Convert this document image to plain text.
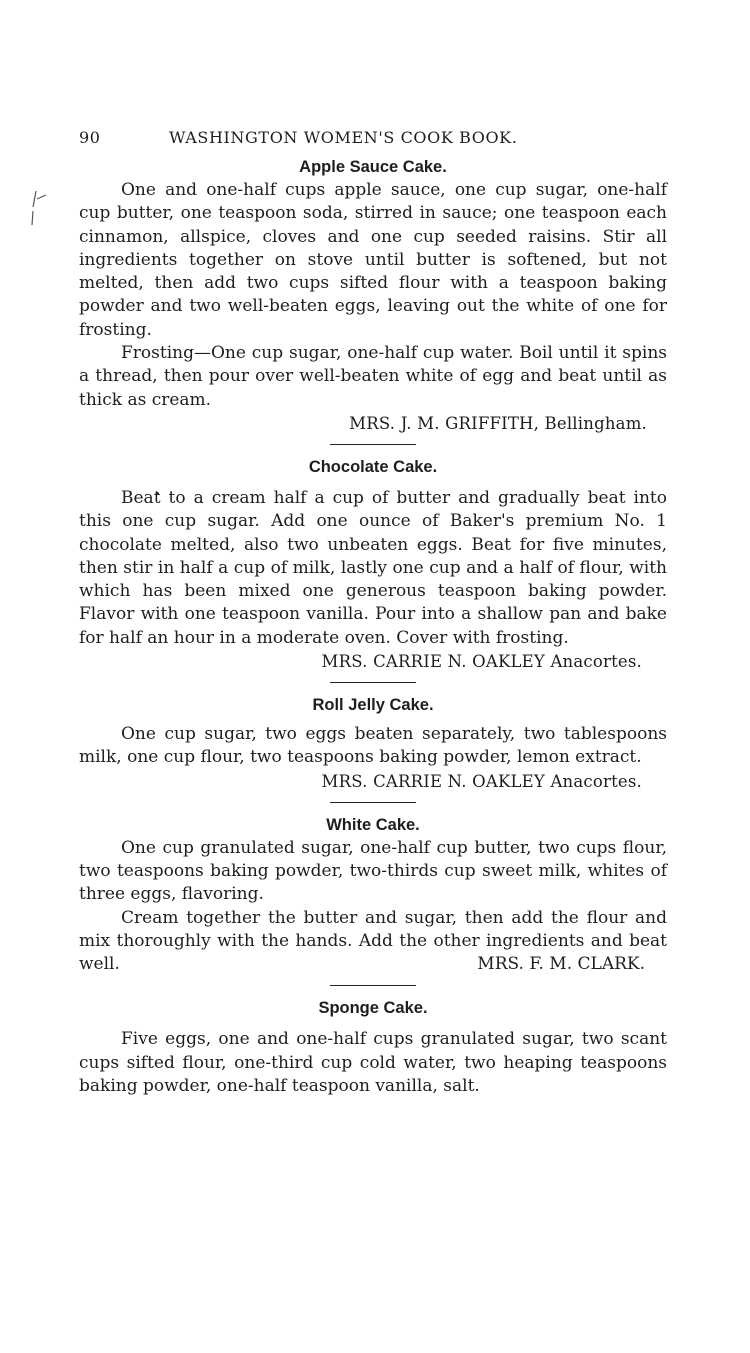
90	WASHINGTON WOMEN'S COOK BOOK.
Apple Sauce Cake.

One and one-half cups apple sauce, one cup sugar, one-half cup butter, one teaspoon soda, stirred in sauce; one teaspoon each cinnamon, allspice, cloves and one cup seeded raisins. Stir all ingredients together on stove until butter is softened, but not melted, then add two cups sifted flour with a teaspoon baking powder and two well-beaten eggs, leaving out the white of one for frosting.

Frosting—One cup sugar, one-half cup water. Boil until it spins a thread, then pour over well-beaten white of egg and beat until as thick as cream.

MRS. J. M. GRIFFITH, Bellingham.

Chocolate Cake.

Beat to a cream half a cup of butter and gradually beat into this one cup sugar. Add one ounce of Baker's premium No. 1 chocolate melted, also two unbeaten eggs. Beat for five minutes, then stir in half a cup of milk, lastly one cup and a half of flour, with which has been mixed one generous teaspoon baking powder. Flavor with one teaspoon vanilla. Pour into a shallow pan and bake for half an hour in a moderate oven. Cover with frosting.

MRS. CARRIE N. OAKLEY Anacortes.

Roll Jelly Cake.

One cup sugar, two eggs beaten separately, two tablespoons milk, one cup flour, two teaspoons baking powder, lemon extract.

MRS. CARRIE N. OAKLEY Anacortes.

White Cake.

One cup granulated sugar, one-half cup butter, two cups flour, two teaspoons baking powder, two-thirds cup sweet milk, whites of three eggs, flavoring.

Cream together the butter and sugar, then add the flour and mix thoroughly with the hands. Add the other ingredients and beat well.	MRS. F. M. CLARK.

Sponge Cake.

Five eggs, one and one-half cups granulated sugar, two scant cups sifted flour, one-third cup cold water, two heaping teaspoons baking powder, one-half teaspoon vanilla, salt.
